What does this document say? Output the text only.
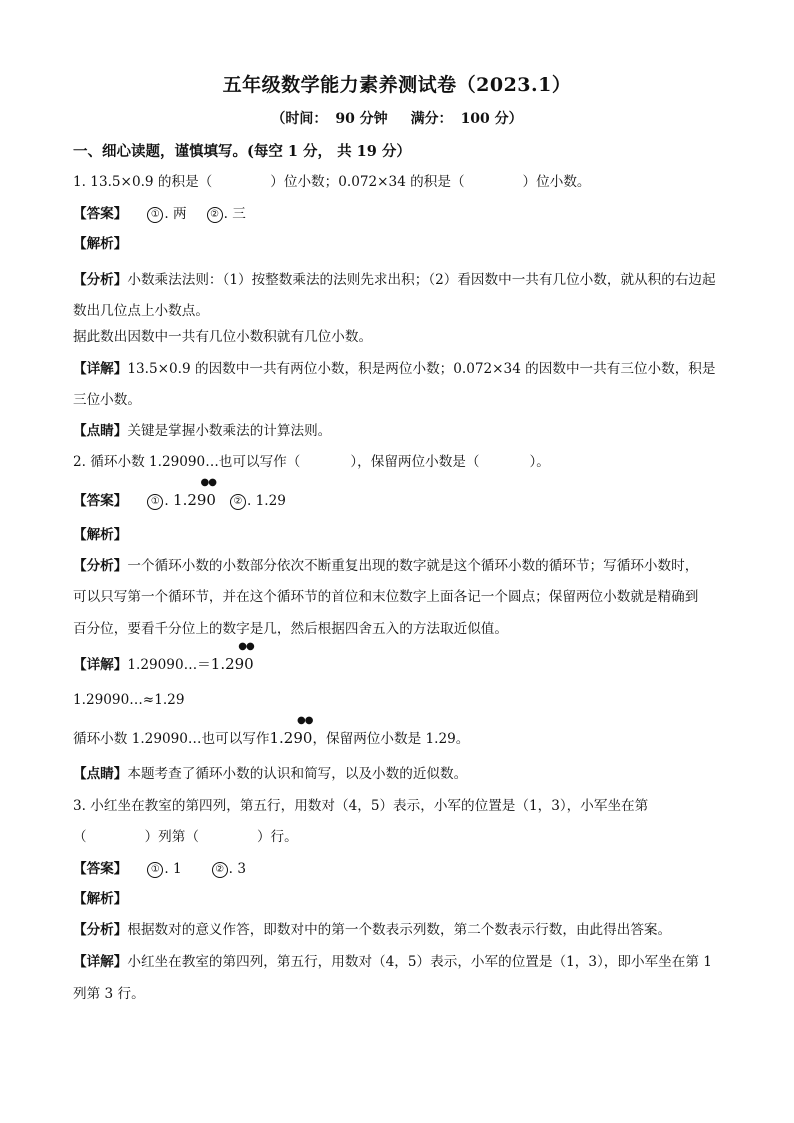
五年级数学能力素养测试卷（2023.1）
（时间： 90 分钟 满分： 100 分）
一、细心读题，谨慎填写。(每空 1 分， 共 19 分）
1. 13.5×0.9 的积是（	）位小数；0.072×34 的积是（	）位小数。
【答案】 ① . 两 ② . 三
【解析】
【分析】小数乘法法则：（1）按整数乘法的法则先求出积；（2）看因数中一共有几位小数，就从积的右边起数出几位点上小数点。
据此数出因数中一共有几位小数积就有几位小数。
【详解】13.5×0.9 的因数中一共有两位小数，积是两位小数；0.072×34 的因数中一共有三位小数，积是
三位小数。
【点睛】关键是掌握小数乘法的计算法则。
2. 循环小数 1.29090…也可以写作（	），保留两位小数是（	）。
【答案】 ① . 1.290
●●
② . 1.29
【解析】
【分析】一个循环小数的小数部分依次不断重复出现的数字就是这个循环小数的循环节；写循环小数时，
可以只写第一个循环节，并在这个循环节的首位和末位数字上面各记一个圆点；保留两位小数就是精确到
百分位，要看千分位上的数字是几，然后根据四舍五入的方法取近似值。
【详解】1.29090…＝1.290
●●
1.29090…≈1.29
循环小数 1.29090…也可以写作1.290
●●
，保留两位小数是 1.29。
【点睛】本题考查了循环小数的认识和简写，以及小数的近似数。
3. 小红坐在教室的第四列，第五行，用数对（4，5）表示，小军的位置是（1，3），小军坐在第
（	）列第（	）行。
【答案】 ① . 1	② . 3
【解析】
【分析】根据数对的意义作答，即数对中的第一个数表示列数，第二个数表示行数，由此得出答案。
【详解】小红坐在教室的第四列，第五行，用数对（4，5）表示，小军的位置是（1，3），即小军坐在第 1
列第 3 行。
